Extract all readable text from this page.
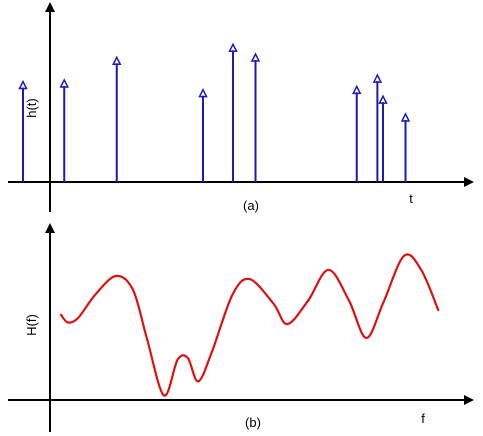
h(t)
t
(a)
H(f)
f
(b)
